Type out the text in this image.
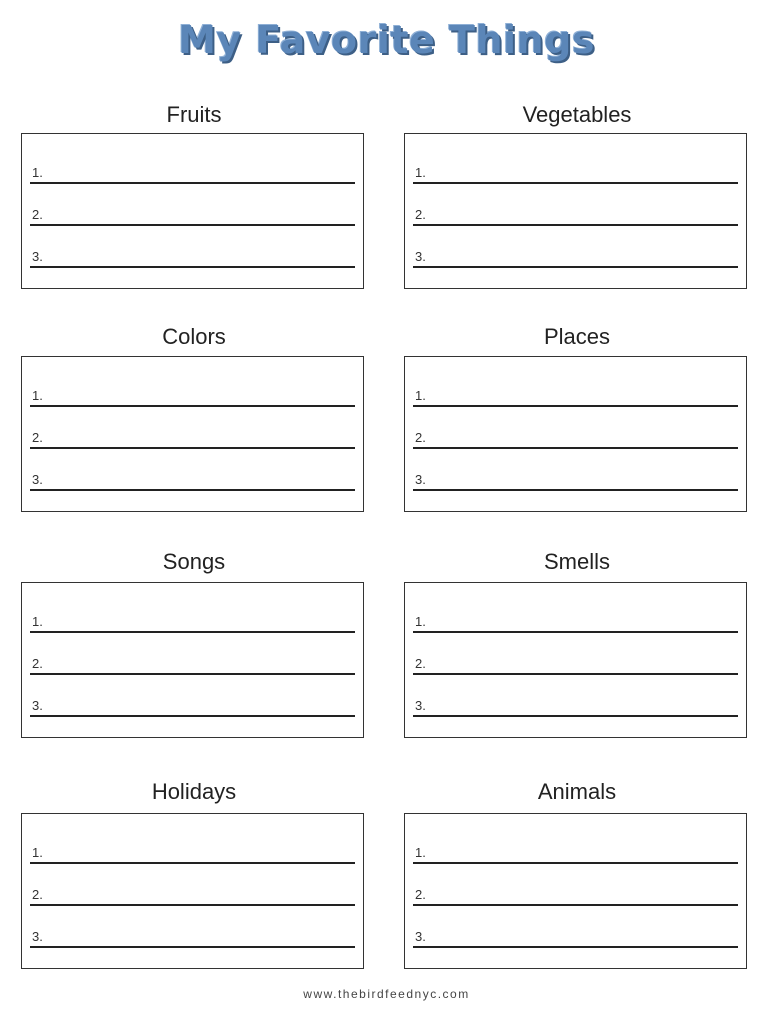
My Favorite Things
Fruits
1.
2.
3.
Vegetables
1.
2.
3.
Colors
1.
2.
3.
Places
1.
2.
3.
Songs
1.
2.
3.
Smells
1.
2.
3.
Holidays
1.
2.
3.
Animals
1.
2.
3.
www.thebirdfeednyc.com
